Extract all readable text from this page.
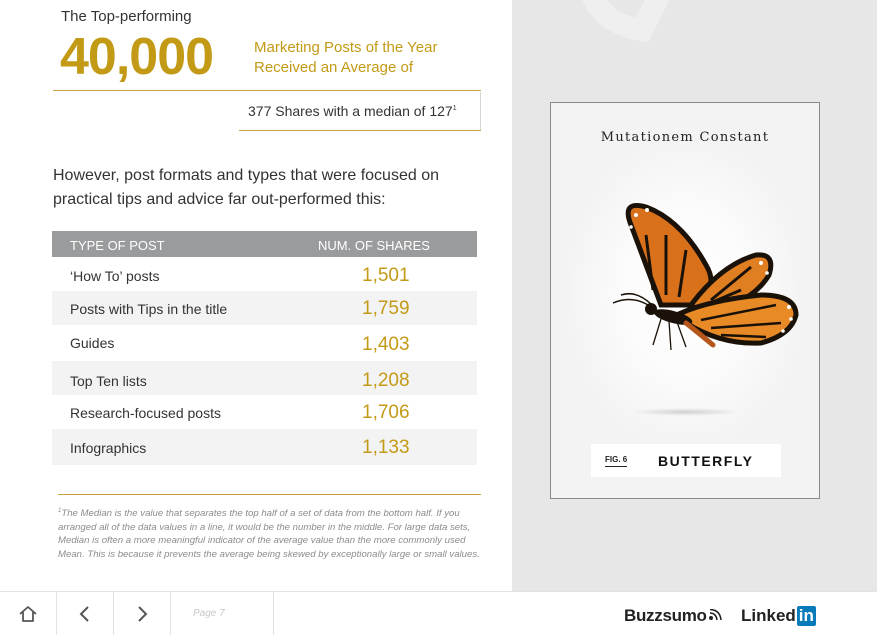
The Top-performing
40,000	Marketing Posts of the Year
Received an Average of
377 Shares with a median of $127^1$
However, post formats and types that were focused on practical tips and advice far out-performed this:
TYPE OF POST	NUM. OF SHARES
‘How To’ posts	1,501
Posts with Tips in the title	1,759
Guides	1,403
Top Ten lists	1,208
Research-focused posts	1,706
Infographics	1,133
$^1$The Median is the value that separates the top half of a set of data from the bottom half. If you arranged all of the data values in a line, it would be the number in the middle. For large data sets, Median is often a more meaningful indicator of the average value than the more commonly used Mean. This is because it prevents the average being skewed by exceptionally large or small values.
Mutationem Constant
FIG. 6 BUTTERFLY
Page 7	Buzzsumo	Linked in
